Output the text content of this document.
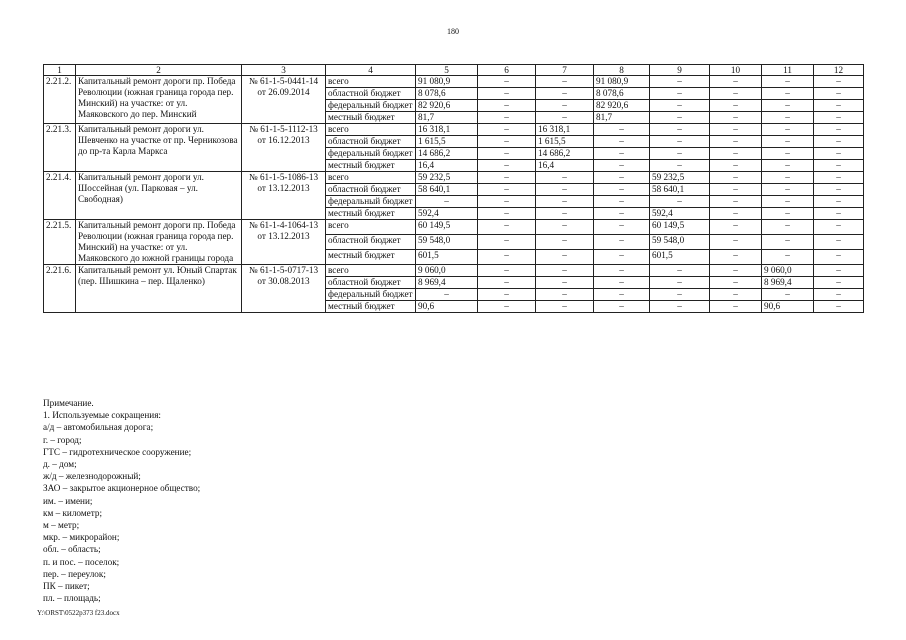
180
1	2	3	4	5	6	7	8	9	10	11	12
2.21.2.	Капитальный ремонт дороги пр. Победа Революции (южная граница города пер. Минский) на участке: от ул. Маяковского до пер. Минский	№ 61-1-5-0441-14 от 26.09.2014	всего	91 080,9	–	–	91 080,9	–	–	–	–
			областной бюджет	8 078,6	–	–	8 078,6	–	–	–	–
			федеральный бюджет	82 920,6	–	–	82 920,6	–	–	–	–
			местный бюджет	81,7	–	–	81,7	–	–	–	–
2.21.3.	Капитальный ремонт дороги ул. Шевченко на участке от пр. Черникозова до пр-та Карла Маркса	№ 61-1-5-1112-13 от 16.12.2013	всего	16 318,1	–	16 318,1	–	–	–	–	–
			областной бюджет	1 615,5	–	1 615,5	–	–	–	–	–
			федеральный бюджет	14 686,2	–	14 686,2	–	–	–	–	–
			местный бюджет	16,4	–	16,4	–	–	–	–	–
2.21.4.	Капитальный ремонт дороги ул. Шоссейная (ул. Парковая – ул. Свободная)	№ 61-1-5-1086-13 от 13.12.2013	всего	59 232,5	–	–	–	59 232,5	–	–	–
			областной бюджет	58 640,1	–	–	–	58 640,1	–	–	–
			федеральный бюджет	–	–	–	–	–	–	–	–
			местный бюджет	592,4	–	–	–	592,4	–	–	–
2.21.5.	Капитальный ремонт дороги пр. Победа Революции (южная граница города пер. Минский) на участке: от ул. Маяковского до южной границы города	№ 61-1-4-1064-13 от 13.12.2013	всего	60 149,5	–	–	–	60 149,5	–	–	–
			областной бюджет	59 548,0	–	–	–	59 548,0	–	–	–
			местный бюджет	601,5	–	–	–	601,5	–	–	–
2.21.6.	Капитальный ремонт ул. Юный Спартак (пер. Шишкина – пер. Щаленко)	№ 61-1-5-0717-13 от 30.08.2013	всего	9 060,0	–	–	–	–	–	9 060,0	–
			областной бюджет	8 969,4	–	–	–	–	–	8 969,4	–
			федеральный бюджет	–	–	–	–	–	–	–	–
			местный бюджет	90,6	–	–	–	–	–	90,6	–
Примечание.
1. Используемые сокращения:
а/д – автомобильная дорога;
г. – город;
ГТС – гидротехническое сооружение;
д. – дом;
ж/д – железнодорожный;
ЗАО – закрытое акционерное общество;
им. – имени;
км – километр;
м – метр;
мкр. – микрорайон;
обл. – область;
п. и пос. – поселок;
пер. – переулок;
ПК – пикет;
пл. – площадь;
Y:\ORST\0522p373 f23.docx
